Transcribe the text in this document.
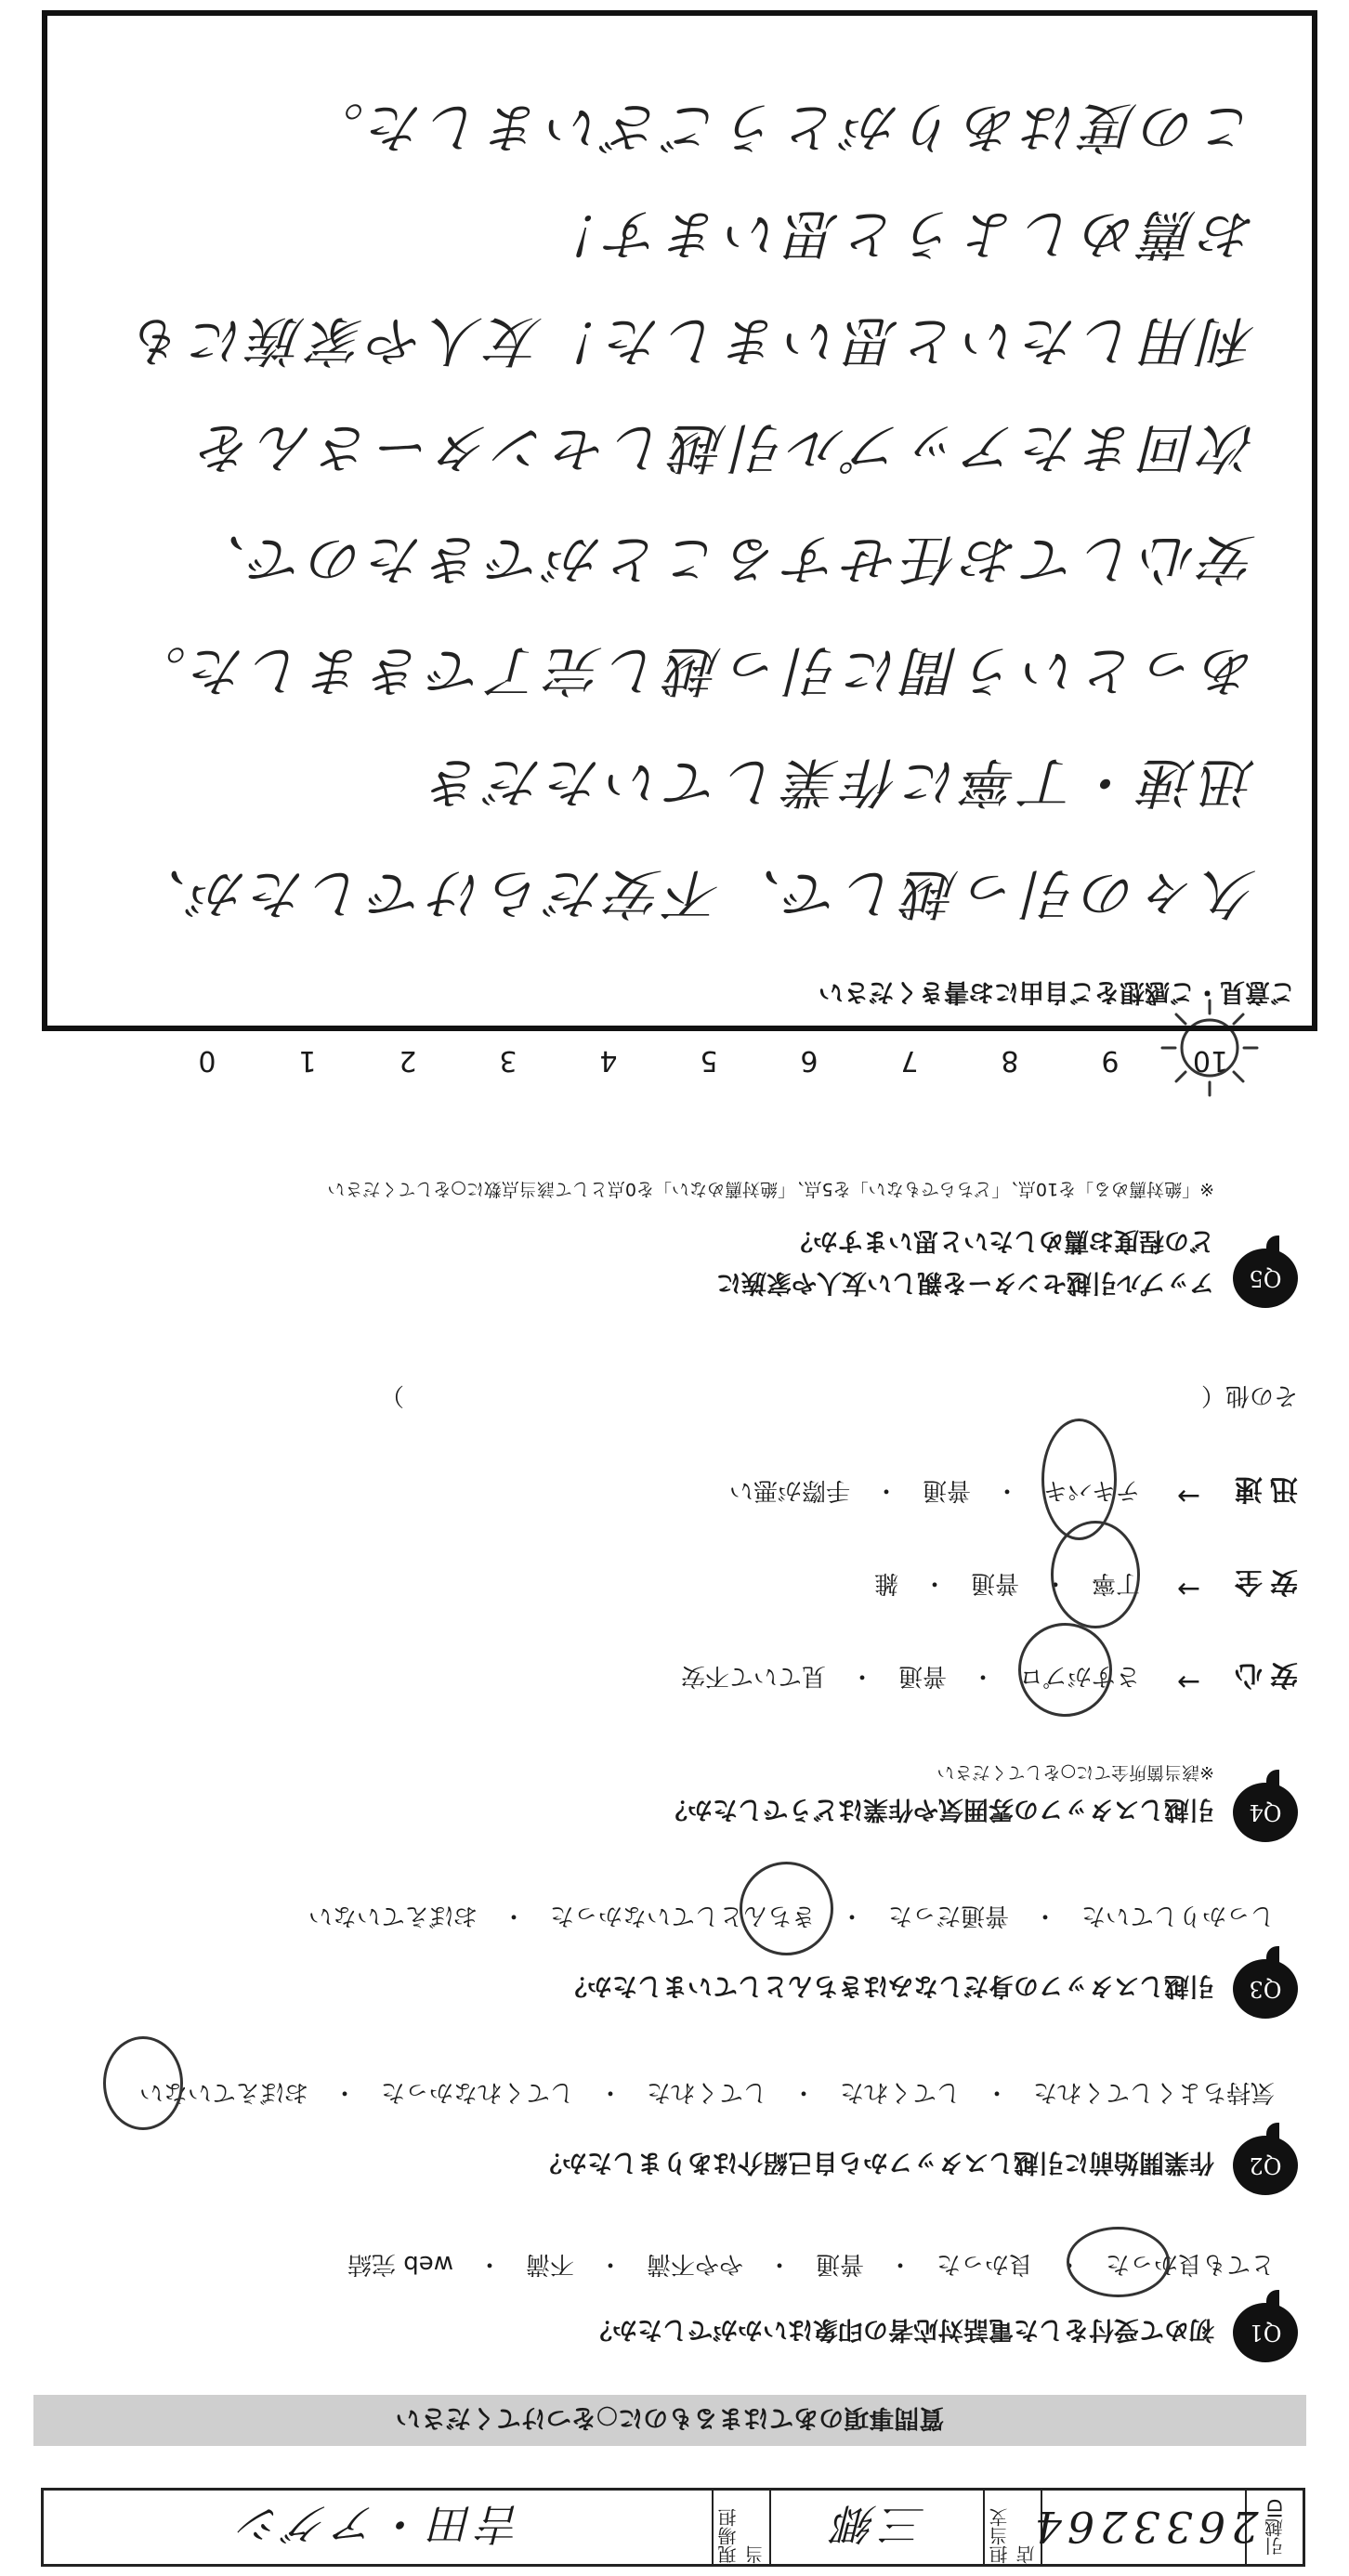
引越ID
2633264
担当支店
三郷
現場担当
吉田・アグシ
質問事項のあてはまるものに○をつけてください
Q1
初めて受付をした電話対応者の印象はいかがでしたか？
とても良かった　・　良かった　・　普通　・　やや不満　・　不満　・　web 完結
Q2
作業開始前に引越しスタッフから自己紹介はありましたか？
気持ちよくしてくれた　・　してくれた　・　してくれた　・　してくれなかった　・　おぼえていない
Q3
引越しスタッフの身だしなみはきちんとしていましたか？
しっかりしていた　・　普通だった　・　きちんとしていなかった　・　おぼえていない
Q4
引越しスタッフの雰囲気や作業はどうでしたか？
※該当箇所全てに○をしてください
安心
→
さすがプロ　・　普通　・　見ていて不安
安全
→
丁寧　・　普通　・　雑
迅速
→
テキパキ　・　普通　・　手際が悪い
その他（　　　　　　　　　　　　　　　　　　　　　　　　　　　　　　　　　）
Q5
アップル引越センターを親しい友人や家族に
どの程度お薦めしたいと思いますか？
※「絶対薦める」を10点、「どちらでもない」を5点、「絶対薦めない」を0点として該当点数に○をしてください
10
9
8
7
6
5
4
3
2
1
0
ご意見・ご感想をご自由にお書きください
久々の引っ越しで、不安だらけでしたが、
迅速・丁寧に作業していただき
あっという間に引っ越し完了できました。
安心してお任せすることができたので、
次回またアップル引越しセンターさんを
利用したいと思いました！友人や家族にも
お薦めしようと思います！
この度はありがとうございました。
